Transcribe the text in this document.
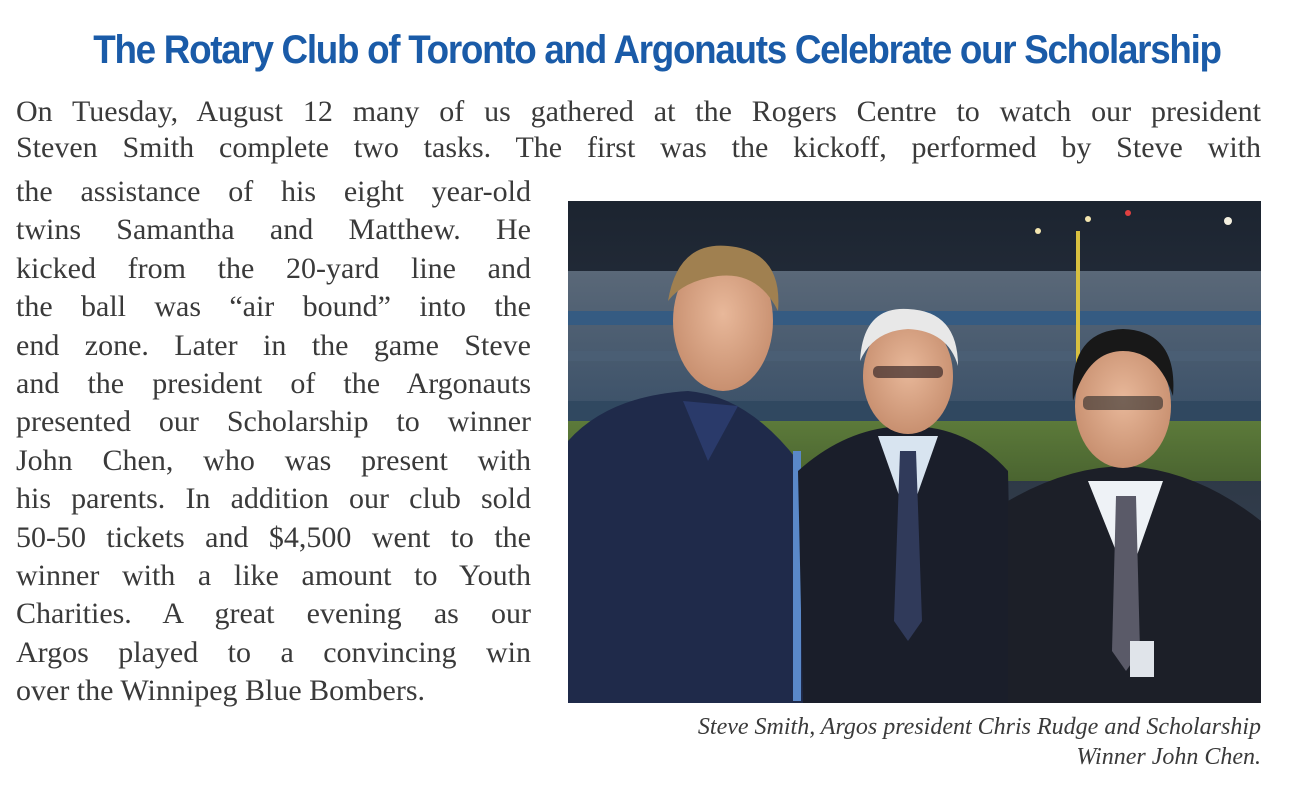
The Rotary Club of Toronto and Argonauts Celebrate our Scholarship

On Tuesday, August 12 many of us gathered at the Rogers Centre to watch our president
Steven Smith complete two tasks. The first was the kickoff, performed by Steve with

the assistance of his eight year-old
twins Samantha and Matthew. He
kicked from the 20-yard line and
the ball was “air bound” into the
end zone. Later in the game Steve
and the president of the Argonauts
presented our Scholarship to winner
John Chen, who was present with
his parents. In addition our club sold
50-50 tickets and $4,500 went to the
winner with a like amount to Youth
Charities. A great evening as our
Argos played to a convincing win
over the Winnipeg Blue Bombers.

Steve Smith, Argos president Chris Rudge and Scholarship
Winner John Chen.
